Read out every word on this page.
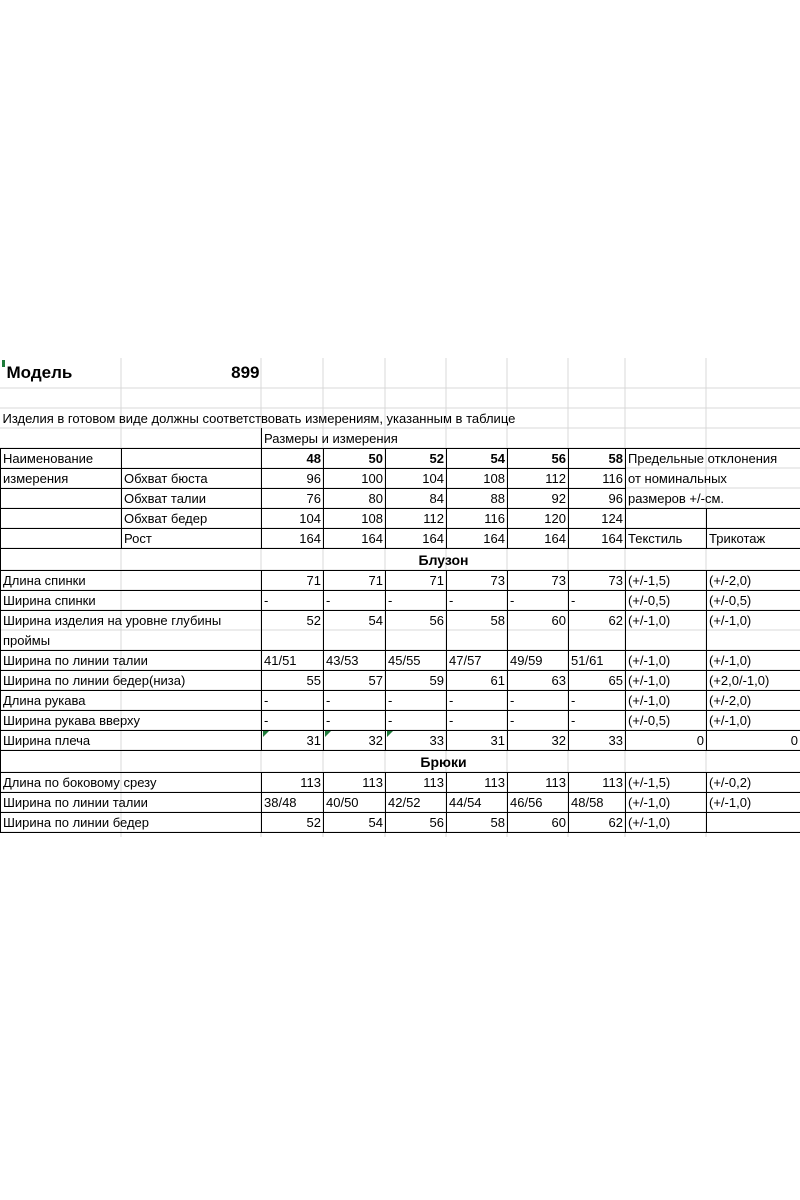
Модель	899								

Изделия в готовом виде должны соответствовать измерениям, указанным в таблице									
		Размеры и измерения							
Наименование		48	50	52	54	56	58	Предельные отклонения	
измерения	Обхват бюста	96	100	104	108	112	116	от номинальных	
	Обхват талии	76	80	84	88	92	96	размеров +/-см.	
	Обхват бедер	104	108	112	116	120	124		
	Рост	164	164	164	164	164	164	Текстиль	Трикотаж
		Блузон							
Длина спинки		71	71	71	73	73	73	(+/-1,5)	(+/-2,0)
Ширина спинки		-	-	-	-	-	-	(+/-0,5)	(+/-0,5)
Ширина изделия на уровне глубины		52	54	56	58	60	62	(+/-1,0)	(+/-1,0)
проймы									
Ширина по линии талии		41/51	43/53	45/55	47/57	49/59	51/61	(+/-1,0)	(+/-1,0)
Ширина по линии бедер(низа)		55	57	59	61	63	65	(+/-1,0)	(+2,0/-1,0)
Длина рукава		-	-	-	-	-	-	(+/-1,0)	(+/-2,0)
Ширина рукава вверху		-	-	-	-	-	-	(+/-0,5)	(+/-1,0)
Ширина плеча		31	32	33	31	32	33	0	0
		Брюки							
Длина по боковому срезу		113	113	113	113	113	113	(+/-1,5)	(+/-0,2)
Ширина по линии талии		38/48	40/50	42/52	44/54	46/56	48/58	(+/-1,0)	(+/-1,0)
Ширина по линии бедер		52	54	56	58	60	62	(+/-1,0)	
